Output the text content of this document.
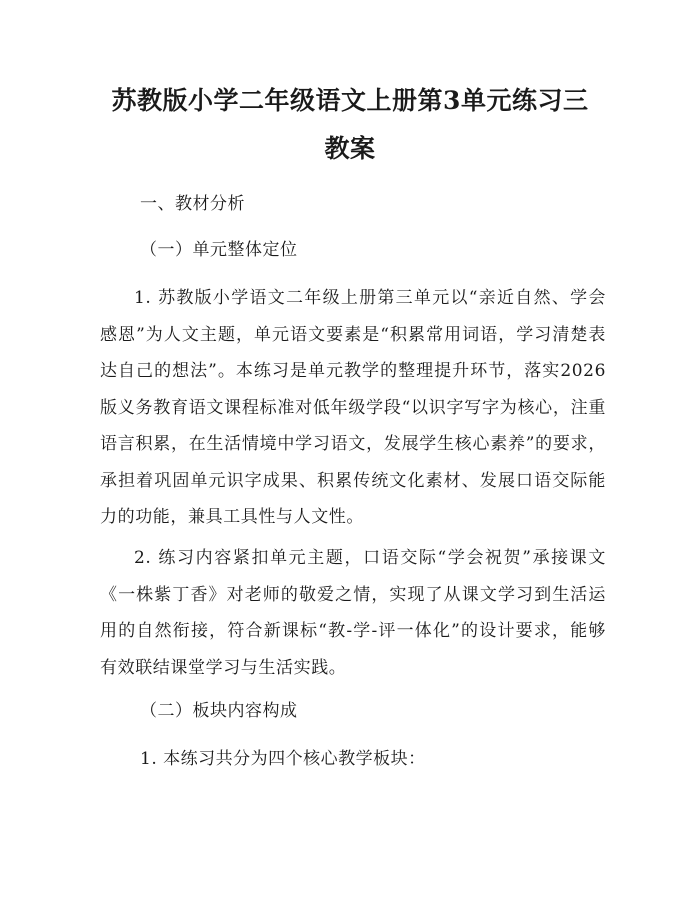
苏教版小学二年级语文上册第3单元练习三
教案
一、教材分析
（一）单元整体定位
1. 苏教版小学语文二年级上册第三单元以“亲近自然、学会感恩”为人文主题，单元语文要素是“积累常用词语，学习清楚表达自己的想法”。本练习是单元教学的整理提升环节，落实2026版义务教育语文课程标准对低年级学段“以识字写字为核心，注重语言积累，在生活情境中学习语文，发展学生核心素养”的要求，承担着巩固单元识字成果、积累传统文化素材、发展口语交际能力的功能，兼具工具性与人文性。
2. 练习内容紧扣单元主题，口语交际“学会祝贺”承接课文《一株紫丁香》对老师的敬爱之情，实现了从课文学习到生活运用的自然衔接，符合新课标“教-学-评一体化”的设计要求，能够有效联结课堂学习与生活实践。
（二）板块内容构成
1. 本练习共分为四个核心教学板块：
